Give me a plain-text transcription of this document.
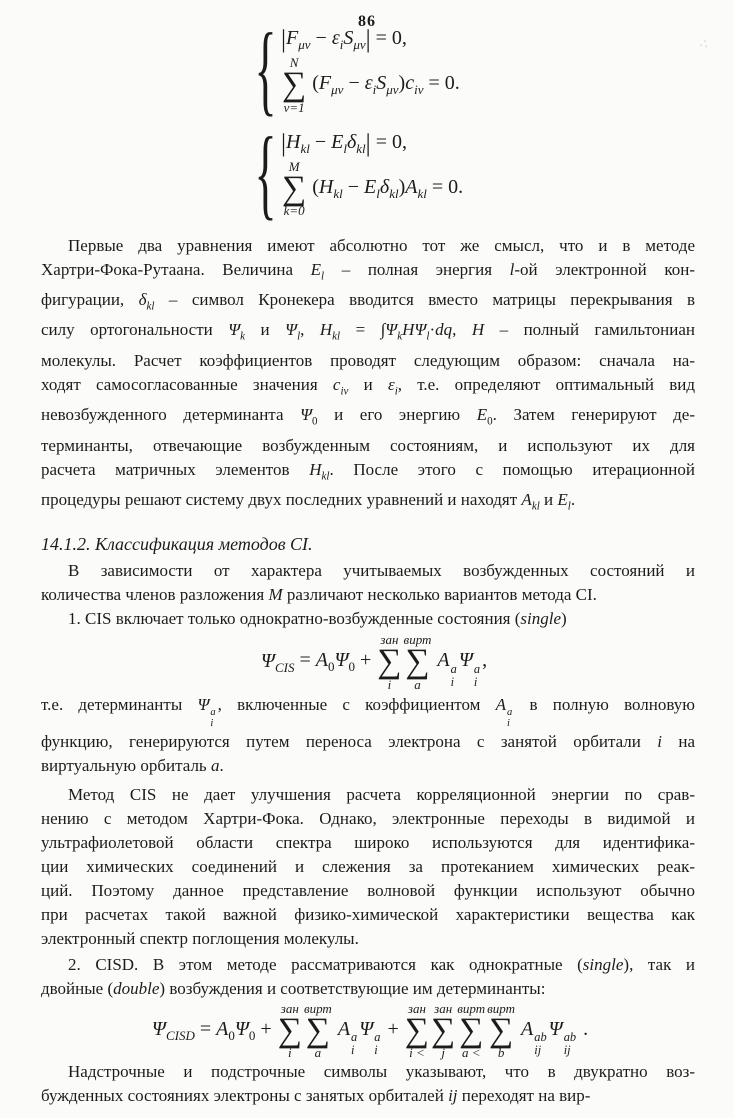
86
∴
{ $|F_{\mu\nu} - \varepsilon_iS_{\mu\nu}| = 0$,
N
∑
ν=1
$(F_{\mu\nu} - \varepsilon_iS_{\mu\nu})c_{i\nu} = 0$.
{ $|H_{kl} - E_l\delta_{kl}| = 0$,
M
∑
k=0
$(H_{kl} - E_l\delta_{kl})A_{kl} = 0$.
Первые два уравнения имеют абсолютно тот же смысл, что и в методе
Хартри-Фока-Рутаана. Величина $E_l$ – полная энергия l-ой электронной кон-
фигурации, $\delta_{kl}$ – символ Кронекера вводится вместо матрицы перекрывания в
силу ортогональности $\Psi_k$ и $\Psi_l$, $H_{kl} = \int\Psi_kH\Psi_l\cdot dq$, H – полный гамильтониан
молекулы. Расчет коэффициентов проводят следующим образом: сначала на-
ходят самосогласованные значения $c_{i\nu}$ и $\varepsilon_i$, т.е. определяют оптимальный вид
невозбужденного детерминанта $\Psi_0$ и его энергию $E_0$. Затем генерируют де-
терминанты, отвечающие возбужденным состояниям, и используют их для
расчета матричных элементов $H_{kl}$. После этого с помощью итерационной
процедуры решают систему двух последних уравнений и находят $A_{kl}$ и $E_l$.
14.1.2. Классификация методов CI.
В зависимости от характера учитываемых возбужденных состояний и
количества членов разложения M различают несколько вариантов метода CI.
1. CIS включает только однократно-возбужденные состояния (single)
$\Psi_{CIS} = A_0\Psi_0$ +
зан
∑
i
вирт
∑
a
A a
i
Ψ a
i
,
т.е. детерминанты Ψ a
i
, включенные с коэффициентом A a
i
в полную волновую
функцию, генерируются путем переноса электрона с занятой орбитали i на
виртуальную орбиталь a.
Метод CIS не дает улучшения расчета корреляционной энергии по срав-
нению с методом Хартри-Фока. Однако, электронные переходы в видимой и
ультрафиолетовой области спектра широко используются для идентифика-
ции химических соединений и слежения за протеканием химических реак-
ций. Поэтому данное представление волновой функции используют обычно
при расчетах такой важной физико-химической характеристики вещества как
электронный спектр поглощения молекулы.
2. CISD. В этом методе рассматриваются как однократные (single), так и
двойные (double) возбуждения и соответствующие им детерминанты:
$\Psi_{CISD} = A_0\Psi_0$ +
зан
∑
i
вирт
∑
a
A a
i
Ψ a
i
+
зан
∑
i <
зан
∑
j
вирт
∑
a <
вирт
∑
b
A ab
ij
Ψ ab
ij
.
Надстрочные и подстрочные символы указывают, что в двукратно воз-
бужденных состояниях электроны с занятых орбиталей ij переходят на вир-
